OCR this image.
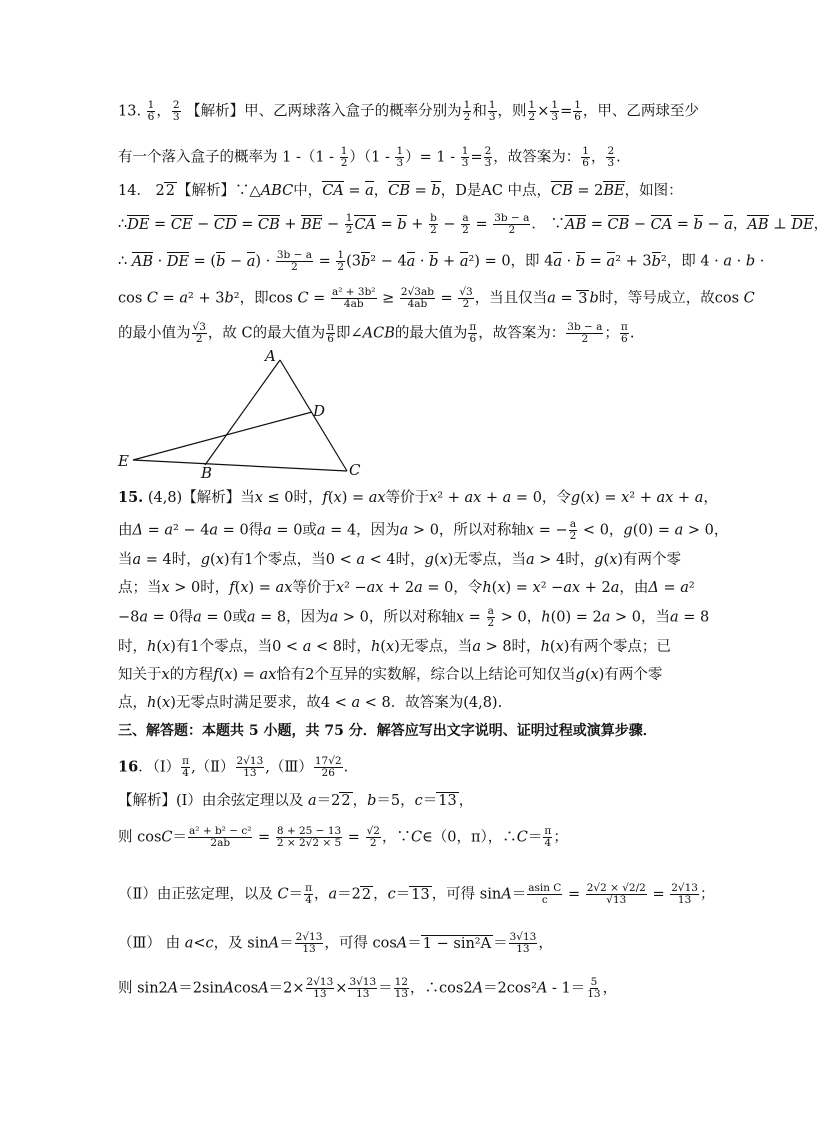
13. $\frac{1}{6}$ ， $\frac{2}{3}$ 【解析】甲、乙两球落入盒子的概率分别为 $\frac{1}{2}$ 和 $\frac{1}{3}$ ，则 $\frac{1}{2} \times \frac{1}{3} = \frac{1}{6}$ ，甲、乙两球至少
有一个落入盒子的概率为 1 $-(1 - \frac{1}{2} )(1 - \frac{1}{3}$ ）= $1 - \frac{1}{3} = \frac{2}{3}$ ，故答案为： $\frac{1}{6}$ ， $\frac{2}{3}$ .
14． 22 【解析】∵△ABC中，CA = a，CB = b，D是AC 中点，CB = 2BE，如图：
∴DE = CE − CD = CB + BE − $\frac{1}{2}$ CA = $b + \frac{b}{2} - \frac{a}{2} = \frac{3b - a}{2}$ ． ∵AB = CB − CA = b − a，AB ⊥ DE，
∴ AB · DE = $(b - a) \cdot \frac{3b - a}{2} = \frac{1}{2} (3b^2 - 4a \cdot b + a^2) = 0$，即 4a · b = a² + 3b²，即 4 · a · b ·
cos C = a² + 3b²，即$\cos C = \frac{\text{a² + 3b²}}{4ab} \ge \frac{2√3ab}{4ab} = \frac{√3}{2}$ ，当且仅当a = 3 b时，等号成立，故cos C
的最小值为 $\frac{√3}{2}$ ，故 C的最大值为 $\frac{\pi}{6}$ 即∠ACB的最大值为 $\frac{\pi}{6}$ ，故答案为： $\frac{3b - a}{2}$ ； $\frac{\pi}{6}$ .
A
D
E
B	C
15. (4,8)【解析】当x ≤ 0时，f(x) = ax等价于x² + ax + a = 0，令g(x) = x² + ax + a，
由Δ = a² − 4a = 0得a = 0或a = 4，因为a > 0，所以对称轴x = − $\frac{a}{2} < 0$，g(0) = a > 0，
当a = 4时，g(x)有1个零点，当0 < a < 4时，g(x)无零点，当a > 4时，g(x)有两个零
点；当x > 0时，f(x) = ax等价于x² −ax + 2a = 0，令h(x) = x² −ax + 2a，由Δ = a²
−8a = 0得a = 0或a = 8，因为a > 0，所以对称轴$x = \frac{a}{2} > 0$，h(0) = 2a > 0，当a = 8
时，h(x)有1个零点，当0 < a < 8时，h(x)无零点，当a > 8时，h(x)有两个零点；已
知关于x的方程f(x) = ax恰有2个互异的实数解，综合以上结论可知仅当g(x)有两个零
点，h(x)无零点时满足要求，故4 < a < 8．故答案为(4,8).
三、解答题：本题共 5 小题，共 75 分．解答应写出文字说明、证明过程或演算步骤．
16．（Ⅰ） $\frac{\pi}{4}$ ,（Ⅱ） $\frac{2√13}{13}$ ,（Ⅲ） $\frac{17√2}{26}$ .
【解析】(Ⅰ）由余弦定理以及 a＝22 ，b＝5，c＝13 ，
则 $\cos C= \frac{\text{a² + b² − c²}}{2ab} = \frac{8 + 25 - 13}{2 \times 2√2 \times 5} = \frac{√2}{2}$ ，∵C∈（0，π），∴C＝ $\frac{\pi}{4}$ ；
（Ⅱ）由正弦定理，以及 $C= \frac{\pi}{4}$ ，a＝22 ，c＝13 ，可得 $\sin A= \frac{\text{asin C}}{c} = \frac{2√2 \times √2/2}{√13} = \frac{2√13}{13}$ ；
（Ⅲ） 由 a<c，及 $\sin A= \frac{2√13}{13}$ ，可得 $\cos A=1 - \sin^2A = \frac{3√13}{13}$ ，
则 sin2A＝2sinAcosA＝2× $\frac{2√13}{13} \times \frac{3√13}{13} = \frac{12}{13}$ ，∴cos2A＝2cos²A - $1= \frac{5}{13}$ ，
